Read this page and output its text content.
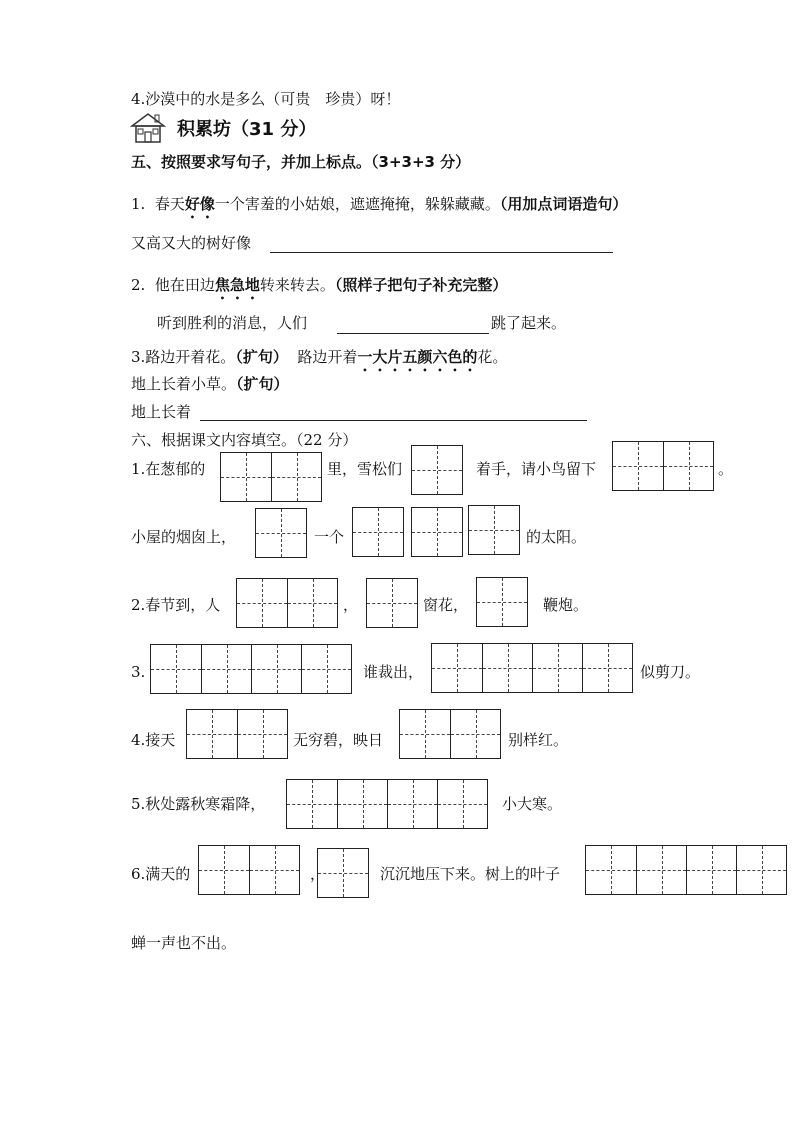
4.沙漠中的水是多么（可贵　珍贵）呀！
积累坊（31 分）
五、按照要求写句子，并加上标点。（3+3+3 分）
1. 春天好像一个害羞的小姑娘，遮遮掩掩，躲躲藏藏。（用加点词语造句）
又高又大的树好像
2. 他在田边焦急地转来转去。（照样子把句子补充完整）
听到胜利的消息，人们	跳了起来。
3.路边开着花。（扩句） 路边开着一大片五颜六色的花。
地上长着小草。（扩句）
地上长着
六、根据课文内容填空。（22 分）
1.在葱郁的	里，雪松们	着手，请小鸟留下	。
小屋的烟囱上，	一个	的太阳。
2.春节到，人	，	窗花，	鞭炮。
3.	谁裁出，	似剪刀。
4.接天	无穷碧，映日	别样红。
5.秋处露秋寒霜降，	小大寒。
6.满天的	，	沉沉地压下来。树上的叶子
蝉一声也不出。
